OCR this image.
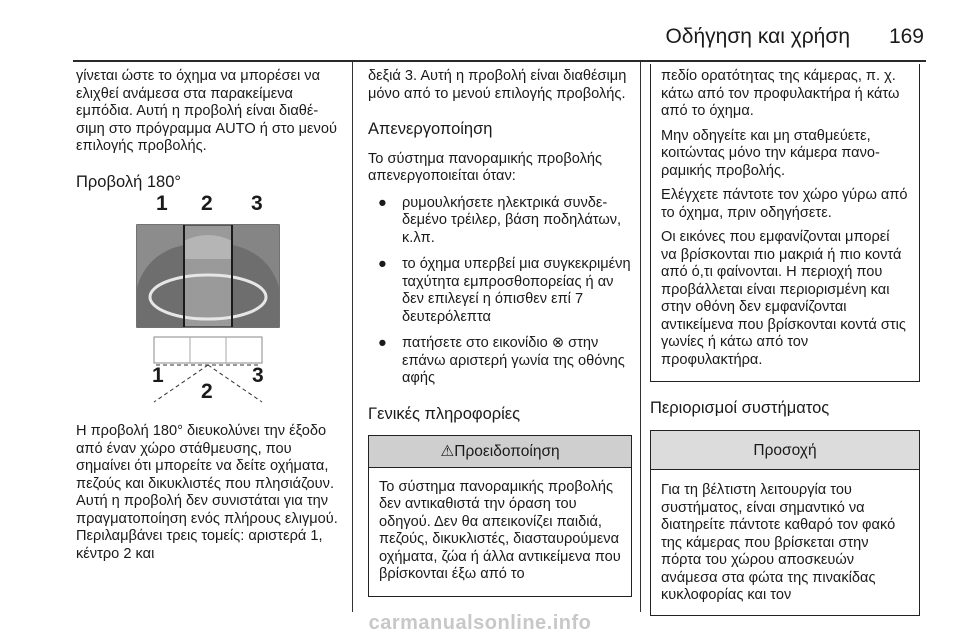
Οδήγηση και χρήση 169

γίνεται ώστε το όχημα να μπορέσει να ελιχθεί ανάμεσα στα παρακείμενα εμπόδια. Αυτή η προβολή είναι διαθέσιμη στο πρόγραμμα AUTO ή στο μενού επιλογής προβολής.

Προβολή 180°

1 2 3
1
2
3

Η προβολή 180° διευκολύνει την έξοδο από έναν χώρο στάθμευσης, που σημαίνει ότι μπορείτε να δείτε οχήματα, πεζούς και δικυκλιστές που πλησιάζουν. Αυτή η προβολή δεν συνιστάται για την πραγματοποίηση ενός πλήρους ελιγμού. Περιλαμβάνει τρεις τομείς: αριστερά 1, κέντρο 2 και

δεξιά 3. Αυτή η προβολή είναι διαθέσιμη μόνο από το μενού επιλογής προβολής.

Απενεργοποίηση

Το σύστημα πανοραμικής προβολής απενεργοποιείται όταν:

● ρυμουλκήσετε ηλεκτρικά συνδεδεμένο τρέιλερ, βάση ποδηλάτων, κ.λπ.
● το όχημα υπερβεί μια συγκεκριμένη ταχύτητα εμπροσθοπορείας ή αν δεν επιλεγεί η όπισθεν επί 7 δευτερόλεπτα
● πατήσετε στο εικονίδιο ⊗ στην επάνω αριστερή γωνία της οθόνης αφής

Γενικές πληροφορίες

⚠Προειδοποίηση
Το σύστημα πανοραμικής προβολής δεν αντικαθιστά την όραση του οδηγού. Δεν θα απεικονίζει παιδιά, πεζούς, δικυκλιστές, διασταυρούμενα οχήματα, ζώα ή άλλα αντικείμενα που βρίσκονται έξω από το

πεδίο ορατότητας της κάμερας, π. χ. κάτω από τον προφυλακτήρα ή κάτω από το όχημα.

Μην οδηγείτε και μη σταθμεύετε, κοιτώντας μόνο την κάμερα πανοραμικής προβολής.

Ελέγχετε πάντοτε τον χώρο γύρω από το όχημα, πριν οδηγήσετε.

Οι εικόνες που εμφανίζονται μπορεί να βρίσκονται πιο μακριά ή πιο κοντά από ό,τι φαίνονται. Η περιοχή που προβάλλεται είναι περιορισμένη και στην οθόνη δεν εμφανίζονται αντικείμενα που βρίσκονται κοντά στις γωνίες ή κάτω από τον προφυλακτήρα.

Περιορισμοί συστήματος

Προσοχή
Για τη βέλτιστη λειτουργία του συστήματος, είναι σημαντικό να διατηρείτε πάντοτε καθαρό τον φακό της κάμερας που βρίσκεται στην πόρτα του χώρου αποσκευών ανάμεσα στα φώτα της πινακίδας κυκλοφορίας και τον
carmanualsonline.info
